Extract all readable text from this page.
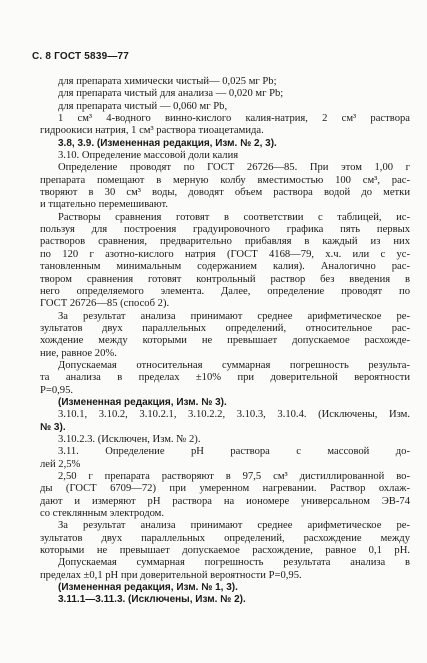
С. 8 ГОСТ 5839—77
для препарата химически чистый— 0,025 мг Pb;
для препарата чистый для анализа — 0,020 мг Pb;
для препарата чистый — 0,060 мг Pb,
1 см³ 4-водного винно-кислого калия-натрия, 2 см³ раствора
гидроокиси натрия, 1 см³ раствора тиоацетамида.
3.8, 3.9. (Измененная редакция, Изм. № 2, 3).
3.10. Определение массовой доли калия
Определение проводят по ГОСТ 26726—85. При этом 1,00 г
препарата помещают в мерную колбу вместимостью 100 см³, рас-
творяют в 30 см³ воды, доводят объем раствора водой до метки
и тщательно перемешивают.
Растворы сравнения готовят в соответствии с таблицей, ис-
пользуя для построения градуировочного графика пять первых
растворов сравнения, предварительно прибавляя в каждый из них
по 120 г азотно-кислого натрия (ГОСТ 4168—79, х.ч. или с ус-
тановленным минимальным содержанием калия). Аналогично рас-
твором сравнения готовят контрольный раствор без введения в
него определяемого элемента. Далее, определение проводят по
ГОСТ 26726—85 (способ 2).
За результат анализа принимают среднее арифметическое ре-
зультатов двух параллельных определений, относительное рас-
хождение между которыми не превышает допускаемое расхожде-
ние, равное 20%.
Допускаемая относительная суммарная погрешность результа-
та анализа в пределах ±10% при доверительной вероятности
P=0,95.
(Измененная редакция, Изм. № 3).
3.10.1, 3.10.2, 3.10.2.1, 3.10.2.2, 3.10.3, 3.10.4. (Исключены, Изм.
№ 3).
3.10.2.3. (Исключен, Изм. № 2).
3.11. Определение pH раствора с массовой до-
лей 2,5%
2,50 г препарата растворяют в 97,5 см³ дистиллированной во-
ды (ГОСТ 6709—72) при умеренном нагревании. Раствор охлаж-
дают и измеряют pH раствора на иономере универсальном ЭВ-74
со стеклянным электродом.
За результат анализа принимают среднее арифметическое ре-
зультатов двух параллельных определений, расхождение между
которыми не превышает допускаемое расхождение, равное 0,1 pH.
Допускаемая суммарная погрешность результата анализа в
пределах ±0,1 pH при доверительной вероятности P=0,95.
(Измененная редакция, Изм. № 1, 3).
3.11.1—3.11.3. (Исключены, Изм. № 2).
